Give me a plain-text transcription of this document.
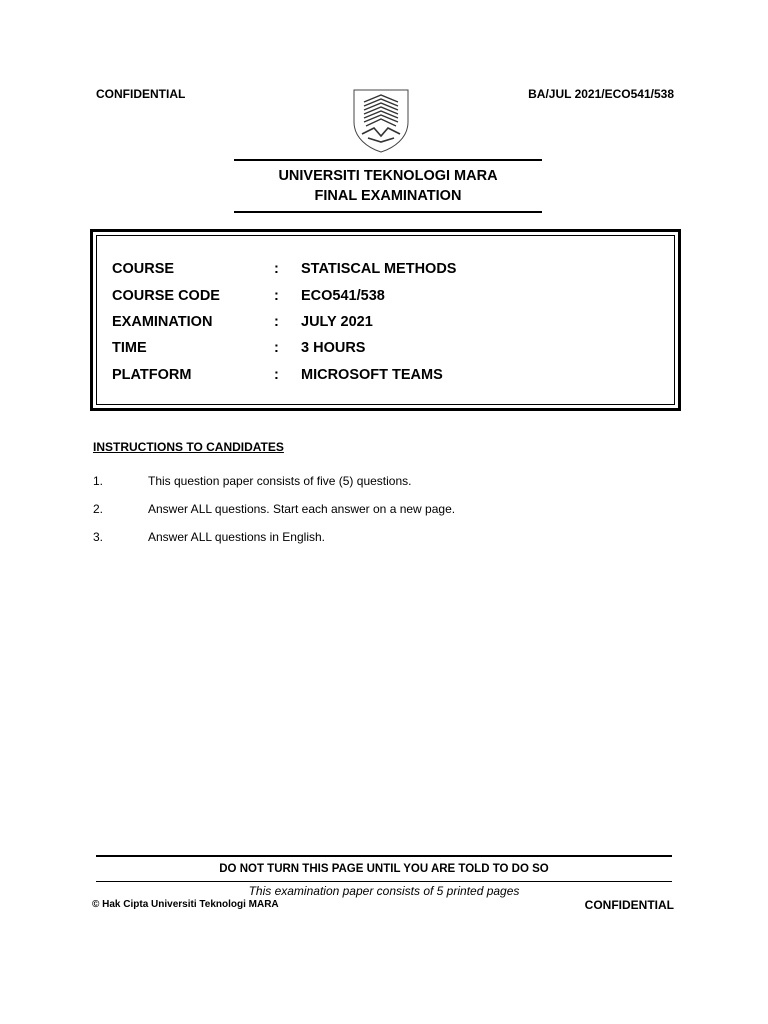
CONFIDENTIAL	BA/JUL 2021/ECO541/538
UNIVERSITI TEKNOLOGI MARA
FINAL EXAMINATION
COURSE	: STATISCAL METHODS
COURSE CODE	: ECO541/538
EXAMINATION	: JULY 2021
TIME	: 3 HOURS
PLATFORM	: MICROSOFT TEAMS
INSTRUCTIONS TO CANDIDATES
1.	This question paper consists of five (5) questions.
2.	Answer ALL questions. Start each answer on a new page.
3.	Answer ALL questions in English.
DO NOT TURN THIS PAGE UNTIL YOU ARE TOLD TO DO SO
This examination paper consists of 5 printed pages
© Hak Cipta Universiti Teknologi MARA	CONFIDENTIAL
